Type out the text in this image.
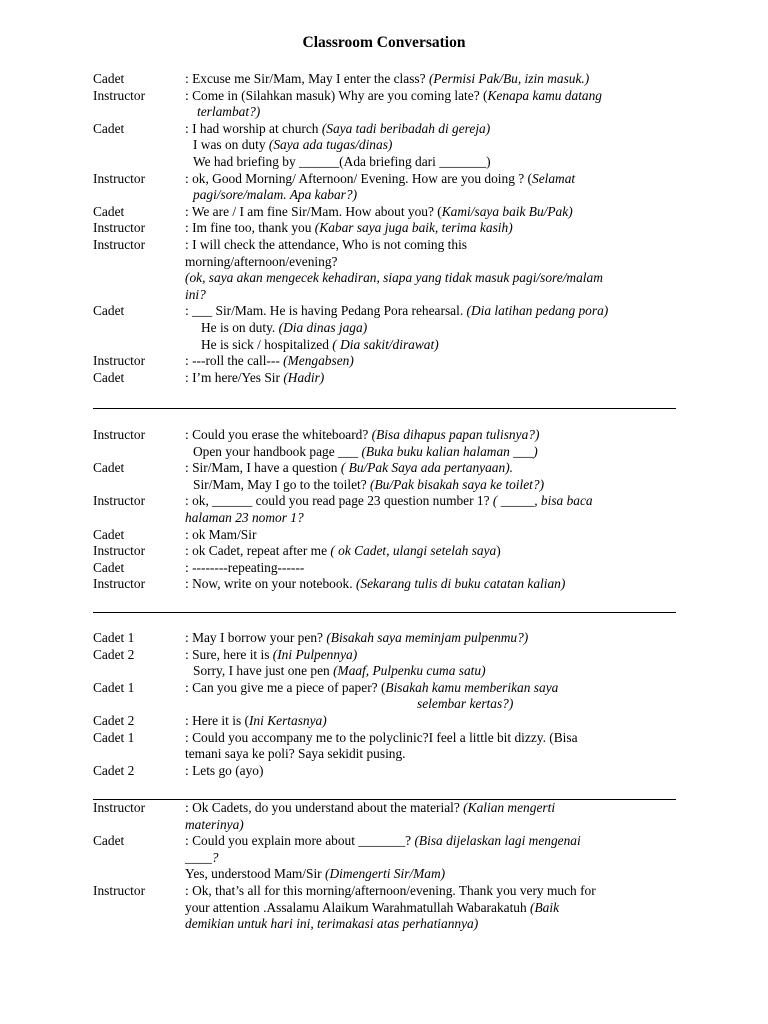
Classroom Conversation
Cadet	: Excuse me Sir/Mam, May I enter the class? (Permisi Pak/Bu, izin masuk.)
Instructor	: Come in (Silahkan masuk) Why are you coming late? (Kenapa kamu datang
terlambat?)
Cadet	: I had worship at church (Saya tadi beribadah di gereja)
I was on duty (Saya ada tugas/dinas)
We had briefing by ______(Ada briefing dari _______)
Instructor	: ok, Good Morning/ Afternoon/ Evening. How are you doing ? (Selamat
pagi/sore/malam. Apa kabar?)
Cadet	: We are / I am fine Sir/Mam. How about you? (Kami/saya baik Bu/Pak)
Instructor	: Im fine too, thank you (Kabar saya juga baik, terima kasih)
Instructor	: I will check the attendance, Who is not coming this
morning/afternoon/evening?
(ok, saya akan mengecek kehadiran, siapa yang tidak masuk pagi/sore/malam
ini?
Cadet	: ___ Sir/Mam. He is having Pedang Pora rehearsal. (Dia latihan pedang pora)
He is on duty. (Dia dinas jaga)
He is sick / hospitalized ( Dia sakit/dirawat)
Instructor	: ---roll the call--- (Mengabsen)
Cadet	: I’m here/Yes Sir (Hadir)
Instructor	: Could you erase the whiteboard? (Bisa dihapus papan tulisnya?)
Open your handbook page ___ (Buka buku kalian halaman ___)
Cadet	: Sir/Mam, I have a question ( Bu/Pak Saya ada pertanyaan).
Sir/Mam, May I go to the toilet? (Bu/Pak bisakah saya ke toilet?)
Instructor	: ok, ______ could you read page 23 question number 1? ( _____, bisa baca
halaman 23 nomor 1?
Cadet	: ok Mam/Sir
Instructor	: ok Cadet, repeat after me ( ok Cadet, ulangi setelah saya)
Cadet	: --------repeating------
Instructor	: Now, write on your notebook. (Sekarang tulis di buku catatan kalian)
Cadet 1	: May I borrow your pen? (Bisakah saya meminjam pulpenmu?)
Cadet 2	: Sure, here it is (Ini Pulpennya)
Sorry, I have just one pen (Maaf, Pulpenku cuma satu)
Cadet 1	: Can you give me a piece of paper? (Bisakah kamu memberikan saya
selembar kertas?)
Cadet 2	: Here it is (Ini Kertasnya)
Cadet 1	: Could you accompany me to the polyclinic?I feel a little bit dizzy. (Bisa
temani saya ke poli? Saya sekidit pusing.
Cadet 2	: Lets go (ayo)
Instructor	: Ok Cadets, do you understand about the material? (Kalian mengerti
materinya)
Cadet	: Could you explain more about _______? (Bisa dijelaskan lagi mengenai
____?
Yes, understood Mam/Sir (Dimengerti Sir/Mam)
Instructor	: Ok, that’s all for this morning/afternoon/evening. Thank you very much for
your attention .Assalamu Alaikum Warahmatullah Wabarakatuh (Baik
demikian untuk hari ini, terimakasi atas perhatiannya)
